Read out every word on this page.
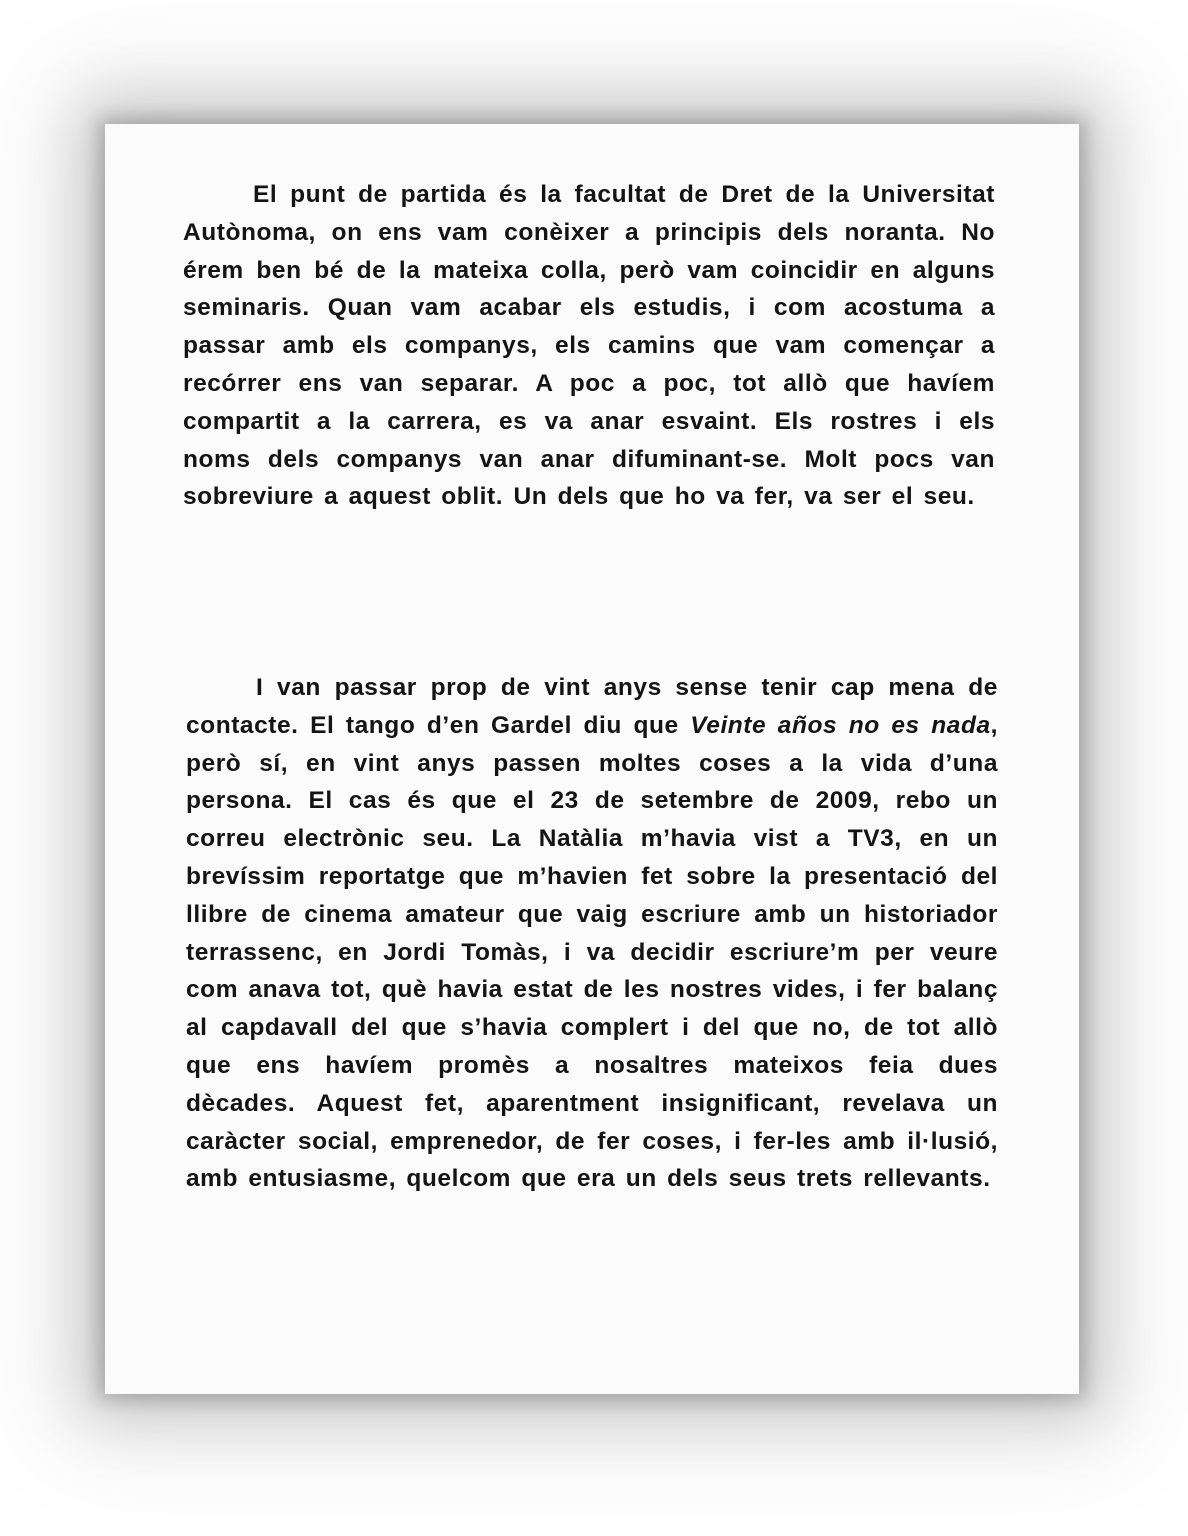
El punt de partida és la facultat de Dret de la Universitat Autònoma, on ens vam conèixer a principis dels noranta. No érem ben bé de la mateixa colla, però vam coincidir en alguns seminaris. Quan vam acabar els estudis, i com acostuma a passar amb els companys, els camins que vam començar a recórrer ens van separar. A poc a poc, tot allò que havíem compartit a la carrera, es va anar esvaint. Els rostres i els noms dels companys van anar difuminant-se. Molt pocs van sobreviure a aquest oblit. Un dels que ho va fer, va ser el seu.

I van passar prop de vint anys sense tenir cap mena de contacte. El tango d’en Gardel diu que Veinte años no es nada, però sí, en vint anys passen moltes coses a la vida d’una persona. El cas és que el 23 de setembre de 2009, rebo un correu electrònic seu. La Natàlia m’havia vist a TV3, en un brevíssim reportatge que m’havien fet sobre la presentació del llibre de cinema amateur que vaig escriure amb un historiador terrassenc, en Jordi Tomàs, i va decidir escriure’m per veure com anava tot, què havia estat de les nostres vides, i fer balanç al capdavall del que s’havia complert i del que no, de tot allò que ens havíem promès a nosaltres mateixos feia dues dècades. Aquest fet, aparentment insignificant, revelava un caràcter social, emprenedor, de fer coses, i fer-les amb il·lusió, amb entusiasme, quelcom que era un dels seus trets rellevants.
